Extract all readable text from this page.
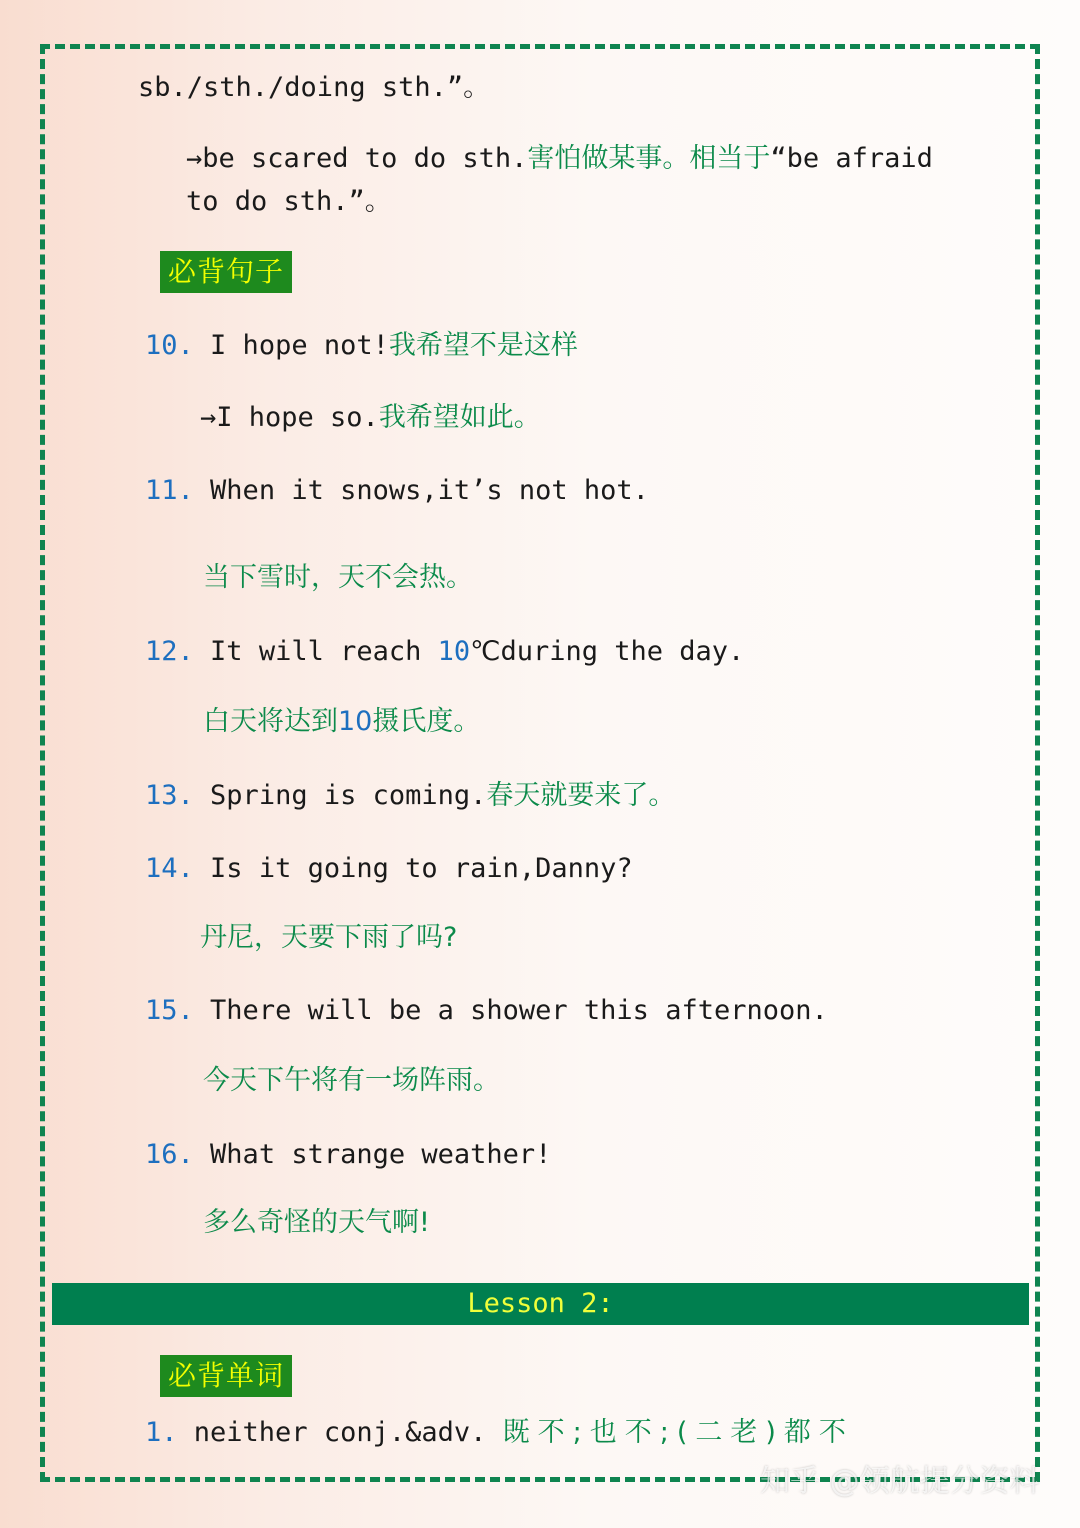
sb./sth./doing sth.”。
→be scared to do sth.害怕做某事。相当于“be afraid
to do sth.”。
必背句子
10. I hope not!我希望不是这样
→I hope so.我希望如此。
11. When it snows,it’s not hot.
当下雪时，天不会热。
12. It will reach 10℃during the day.
白天将达到10摄氏度。
13. Spring is coming.春天就要来了。
14. Is it going to rain,Danny?
丹尼，天要下雨了吗?
15. There will be a shower this afternoon.
今天下午将有一场阵雨。
16. What strange weather!
多么奇怪的天气啊!
Lesson 2:
必背单词
1. neither conj.&adv. 既不;也不;(二老)都不
知乎 @领航提分资料
